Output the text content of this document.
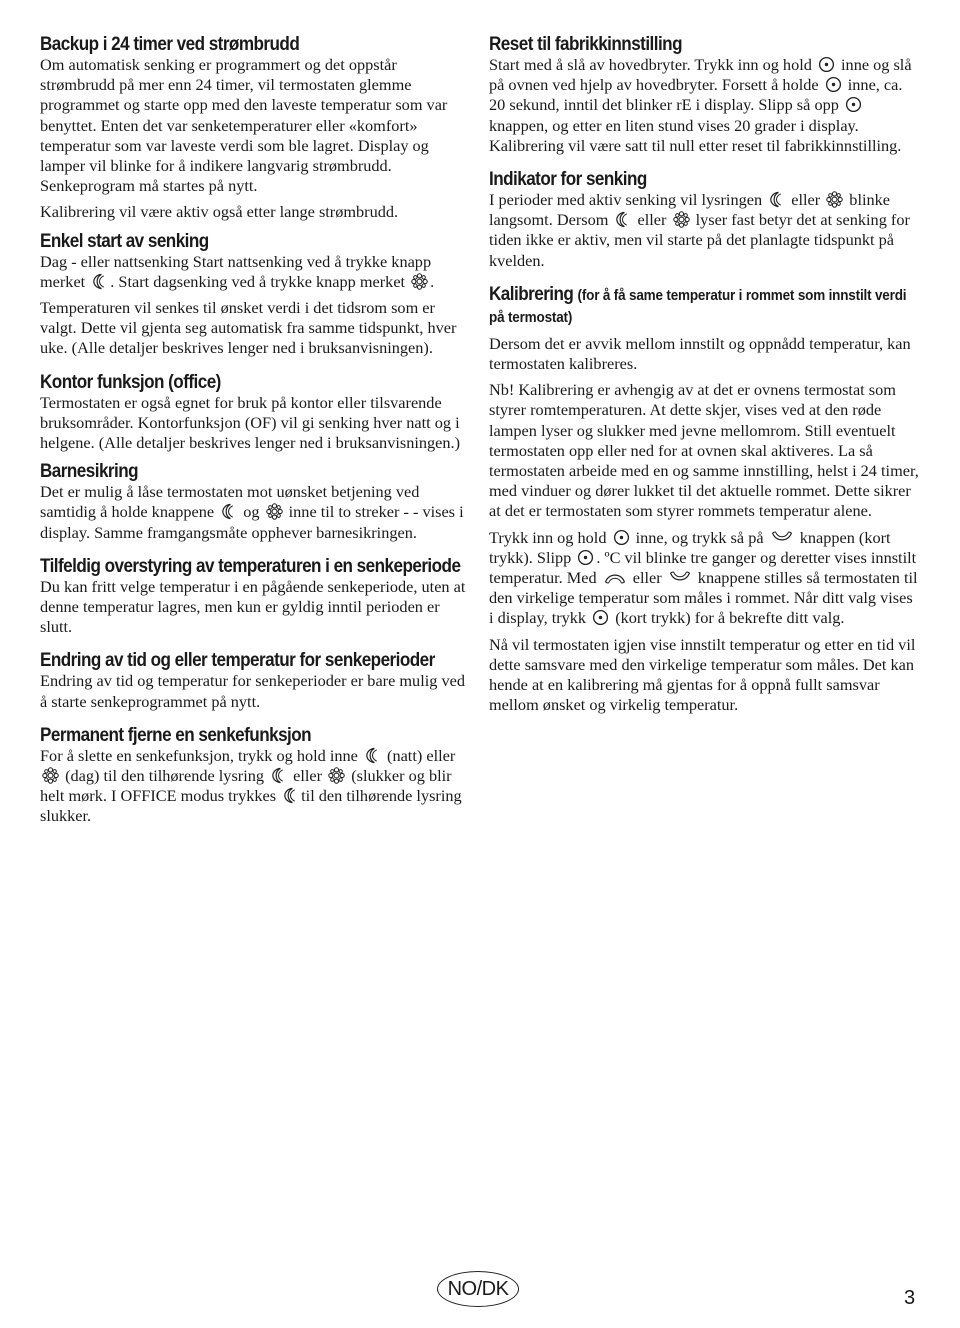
Backup i 24 timer ved strømbrudd

Om automatisk senking er programmert og det oppstår strømbrudd på mer enn 24 timer, vil termostaten glemme programmet og starte opp med den laveste temperatur som var benyttet. Enten det var senketemperaturer eller «komfort» temperatur som var laveste verdi som ble lagret. Display og lamper vil blinke for å indikere langvarig strømbrudd. Senkeprogram må startes på nytt.

Kalibrering vil være aktiv også etter lange strømbrudd.

Enkel start av senking

Dag - eller nattsenking Start nattsenking ved å trykke knapp merket
. Start dagsenking ved å trykke knapp merket
.

Temperaturen vil senkes til ønsket verdi i det tidsrom som er valgt. Dette vil gjenta seg automatisk fra samme tidspunkt, hver uke. (Alle detaljer beskrives lenger ned i bruksanvisningen).

Kontor funksjon (office)

Termostaten er også egnet for bruk på kontor eller tilsvarende bruksområder. Kontorfunksjon (OF) vil gi senking hver natt og i helgene. (Alle detaljer beskrives lenger ned i bruksanvisningen.)

Barnesikring

Det er mulig å låse termostaten mot uønsket betjening ved samtidig å holde knappene
og
inne til to streker - - vises i display. Samme framgangsmåte opphever barnesikringen.

Tilfeldig overstyring av temperaturen i en senkeperiode

Du kan fritt velge temperatur i en pågående senkeperiode, uten at denne temperatur lagres, men kun er gyldig inntil perioden er slutt.

Endring av tid og eller temperatur for senkeperioder

Endring av tid og temperatur for senkeperioder er bare mulig ved å starte senkeprogrammet på nytt.

Permanent fjerne en senkefunksjon

For å slette en senkefunksjon, trykk og hold inne
(natt) eller
(dag) til den tilhørende lysring
eller
(slukker og blir helt mørk. I OFFICE modus trykkes
til den tilhørende lysring slukker.

Reset til fabrikkinnstilling

Start med å slå av hovedbryter. Trykk inn og hold
inne og slå på ovnen ved hjelp av hovedbryter. Forsett å holde
inne, ca. 20 sekund, inntil det blinker rE i display. Slipp så opp
knappen, og etter en liten stund vises 20 grader i display. Kalibrering vil være satt til null etter reset til fabrikkinnstilling.

Indikator for senking

I perioder med aktiv senking vil lysringen
eller
blinke langsomt. Dersom
eller
lyser fast betyr det at senking for tiden ikke er aktiv, men vil starte på det planlagte tidspunkt på kvelden.

Kalibrering (for å få same temperatur i rommet som innstilt verdi på termostat)

Dersom det er avvik mellom innstilt og oppnådd temperatur, kan termostaten kalibreres.

Nb! Kalibrering er avhengig av at det er ovnens termostat som styrer romtemperaturen. At dette skjer, vises ved at den røde lampen lyser og slukker med jevne mellomrom. Still eventuelt termostaten opp eller ned for at ovnen skal aktiveres. La så termostaten arbeide med en og samme innstilling, helst i 24 timer, med vinduer og dører lukket til det aktuelle rommet. Dette sikrer at det er termostaten som styrer rommets temperatur alene.

Trykk inn og hold
inne, og trykk så på
knappen (kort trykk). Slipp
. ºC vil blinke tre ganger og deretter vises innstilt temperatur. Med
eller
knappene stilles så termostaten til den virkelige temperatur som måles i rommet. Når ditt valg vises i display, trykk
(kort trykk) for å bekrefte ditt valg.

Nå vil termostaten igjen vise innstilt temperatur og etter en tid vil dette samsvare med den virkelige temperatur som måles. Det kan hende at en kalibrering må gjentas for å oppnå fullt samsvar mellom ønsket og virkelig temperatur.

NO/DK	3
